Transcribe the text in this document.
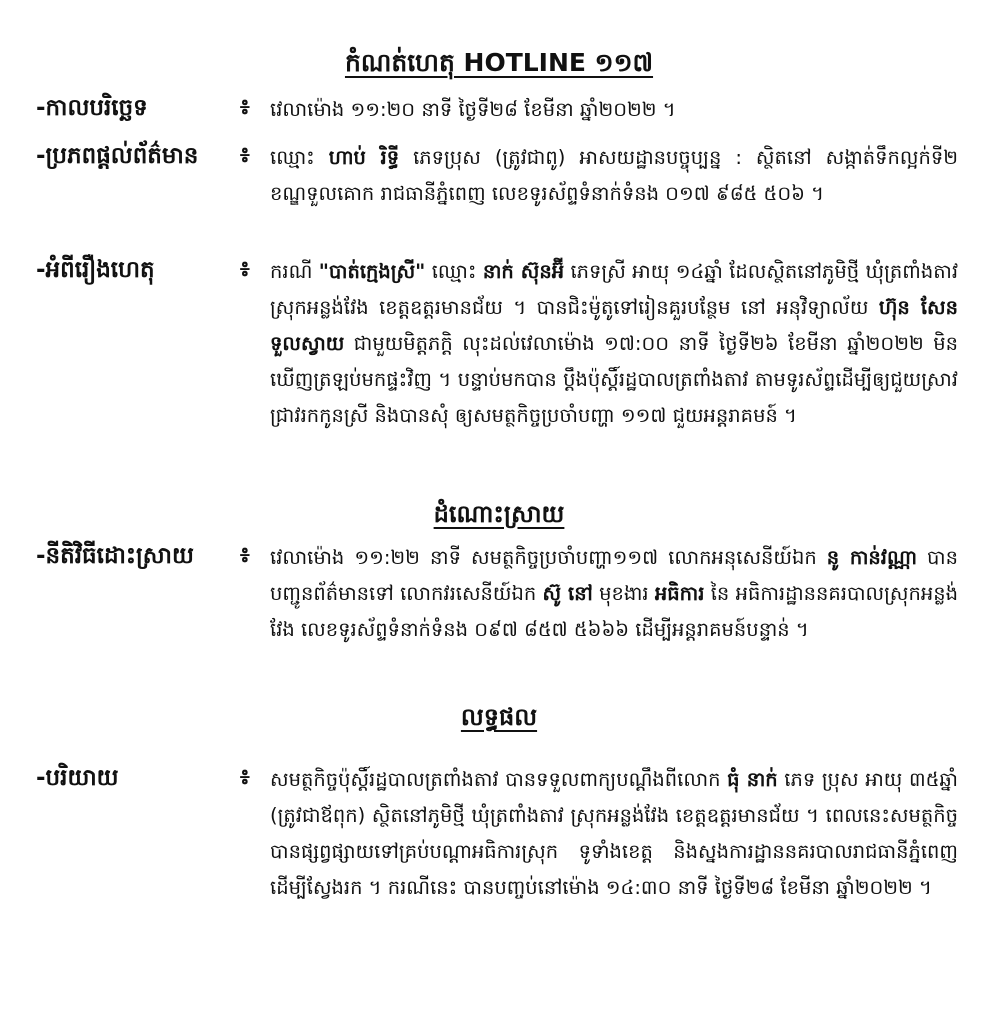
កំណត់ហេតុ HOTLINE ១១៧
-កាលបរិច្ឆេទ	៖ វេលាម៉ោង ១១:២០ នាទី ថ្ងៃទី២៨ ខែមីនា ឆ្នាំ២០២២ ។
-ប្រភពផ្តល់ព័ត៌មាន	៖ ឈ្មោះ ហាប់ រិទ្ធី ភេទប្រុស (ត្រូវជាពូ) អាសយដ្ឋានបច្ចុប្បន្ន : ស្ថិតនៅ សង្កាត់ទឹកល្អក់ទី២ ខណ្ឌទួលគោក រាជធានីភ្នំពេញ លេខទូរស័ព្ទទំនាក់ទំនង ០១៧ ៩៨៥ ៥០៦ ។
-អំពីរឿងហេតុ	៖ ករណី "បាត់ក្មេងស្រី" ឈ្មោះ នាក់ ស៊ុនអ៊ី ភេទស្រី អាយុ ១៤ឆ្នាំ ដែលស្ថិតនៅភូមិថ្មី ឃុំត្រពាំងតាវ ស្រុកអន្លង់វែង ខេត្តឧត្តរមានជ័យ ។ បានជិះម៉ូតូទៅរៀនគួរបន្ថែម នៅ អនុវិទ្យាល័យ ហ៊ុន សែន ទួលស្វាយ ជាមួយមិត្តភក្តិ លុះដល់វេលាម៉ោង ១៧:០០ នាទី ថ្ងៃទី២៦ ខែមីនា ឆ្នាំ២០២២ មិនឃើញត្រឡប់មកផ្ទះវិញ ។ បន្ទាប់មកបាន ប្តឹងប៉ុស្តិ៍រដ្ឋបាលត្រពាំងតាវ តាមទូរស័ព្ទដើម្បីឲ្យជួយស្រាវជ្រាវរកកូនស្រី និងបានសុំ ឲ្យសមត្ថកិច្ចប្រចាំបញ្ហា ១១៧ ជួយអន្តរាគមន៍ ។
ដំណោះស្រាយ
-នីតិវិធីដោះស្រាយ	៖ វេលាម៉ោង ១១:២២ នាទី សមត្ថកិច្ចប្រចាំបញ្ហា១១៧ លោកអនុសេនីយ៍ឯក នូ កាន់វណ្ណា បានបញ្ជូនព័ត៌មានទៅ លោកវរសេនីយ៍ឯក ស៊ូ នៅ មុខងារ អធិការ នៃ អធិការដ្ឋាននគរបាលស្រុកអន្លង់វែង លេខទូរស័ព្ទទំនាក់ទំនង ០៩៧ ៨៥៧ ៥៦៦៦ ដើម្បីអន្តរាគមន៍បន្ទាន់ ។
លទ្ធផល
-បរិយាយ	៖ សមត្ថកិច្ចប៉ុស្តិ៍រដ្ឋបាលត្រពាំងតាវ បានទទួលពាក្យបណ្តឹងពីលោក ធុំ នាក់ ភេទ ប្រុស អាយុ ៣៥ឆ្នាំ (ត្រូវជាឪពុក) ស្ថិតនៅភូមិថ្មី ឃុំត្រពាំងតាវ ស្រុកអន្លង់វែង ខេត្តឧត្តរមានជ័យ ។ ពេលនេះសមត្ថកិច្ចបានផ្សព្វផ្សាយទៅគ្រប់បណ្តាអធិការស្រុក ទូទាំងខេត្ត និងស្នងការដ្ឋាននគរបាលរាជធានីភ្នំពេញ ដើម្បីស្វែងរក ។ ករណីនេះ បានបញ្ចប់នៅម៉ោង ១៤:៣០ នាទី ថ្ងៃទី២៨ ខែមីនា ឆ្នាំ២០២២ ។
